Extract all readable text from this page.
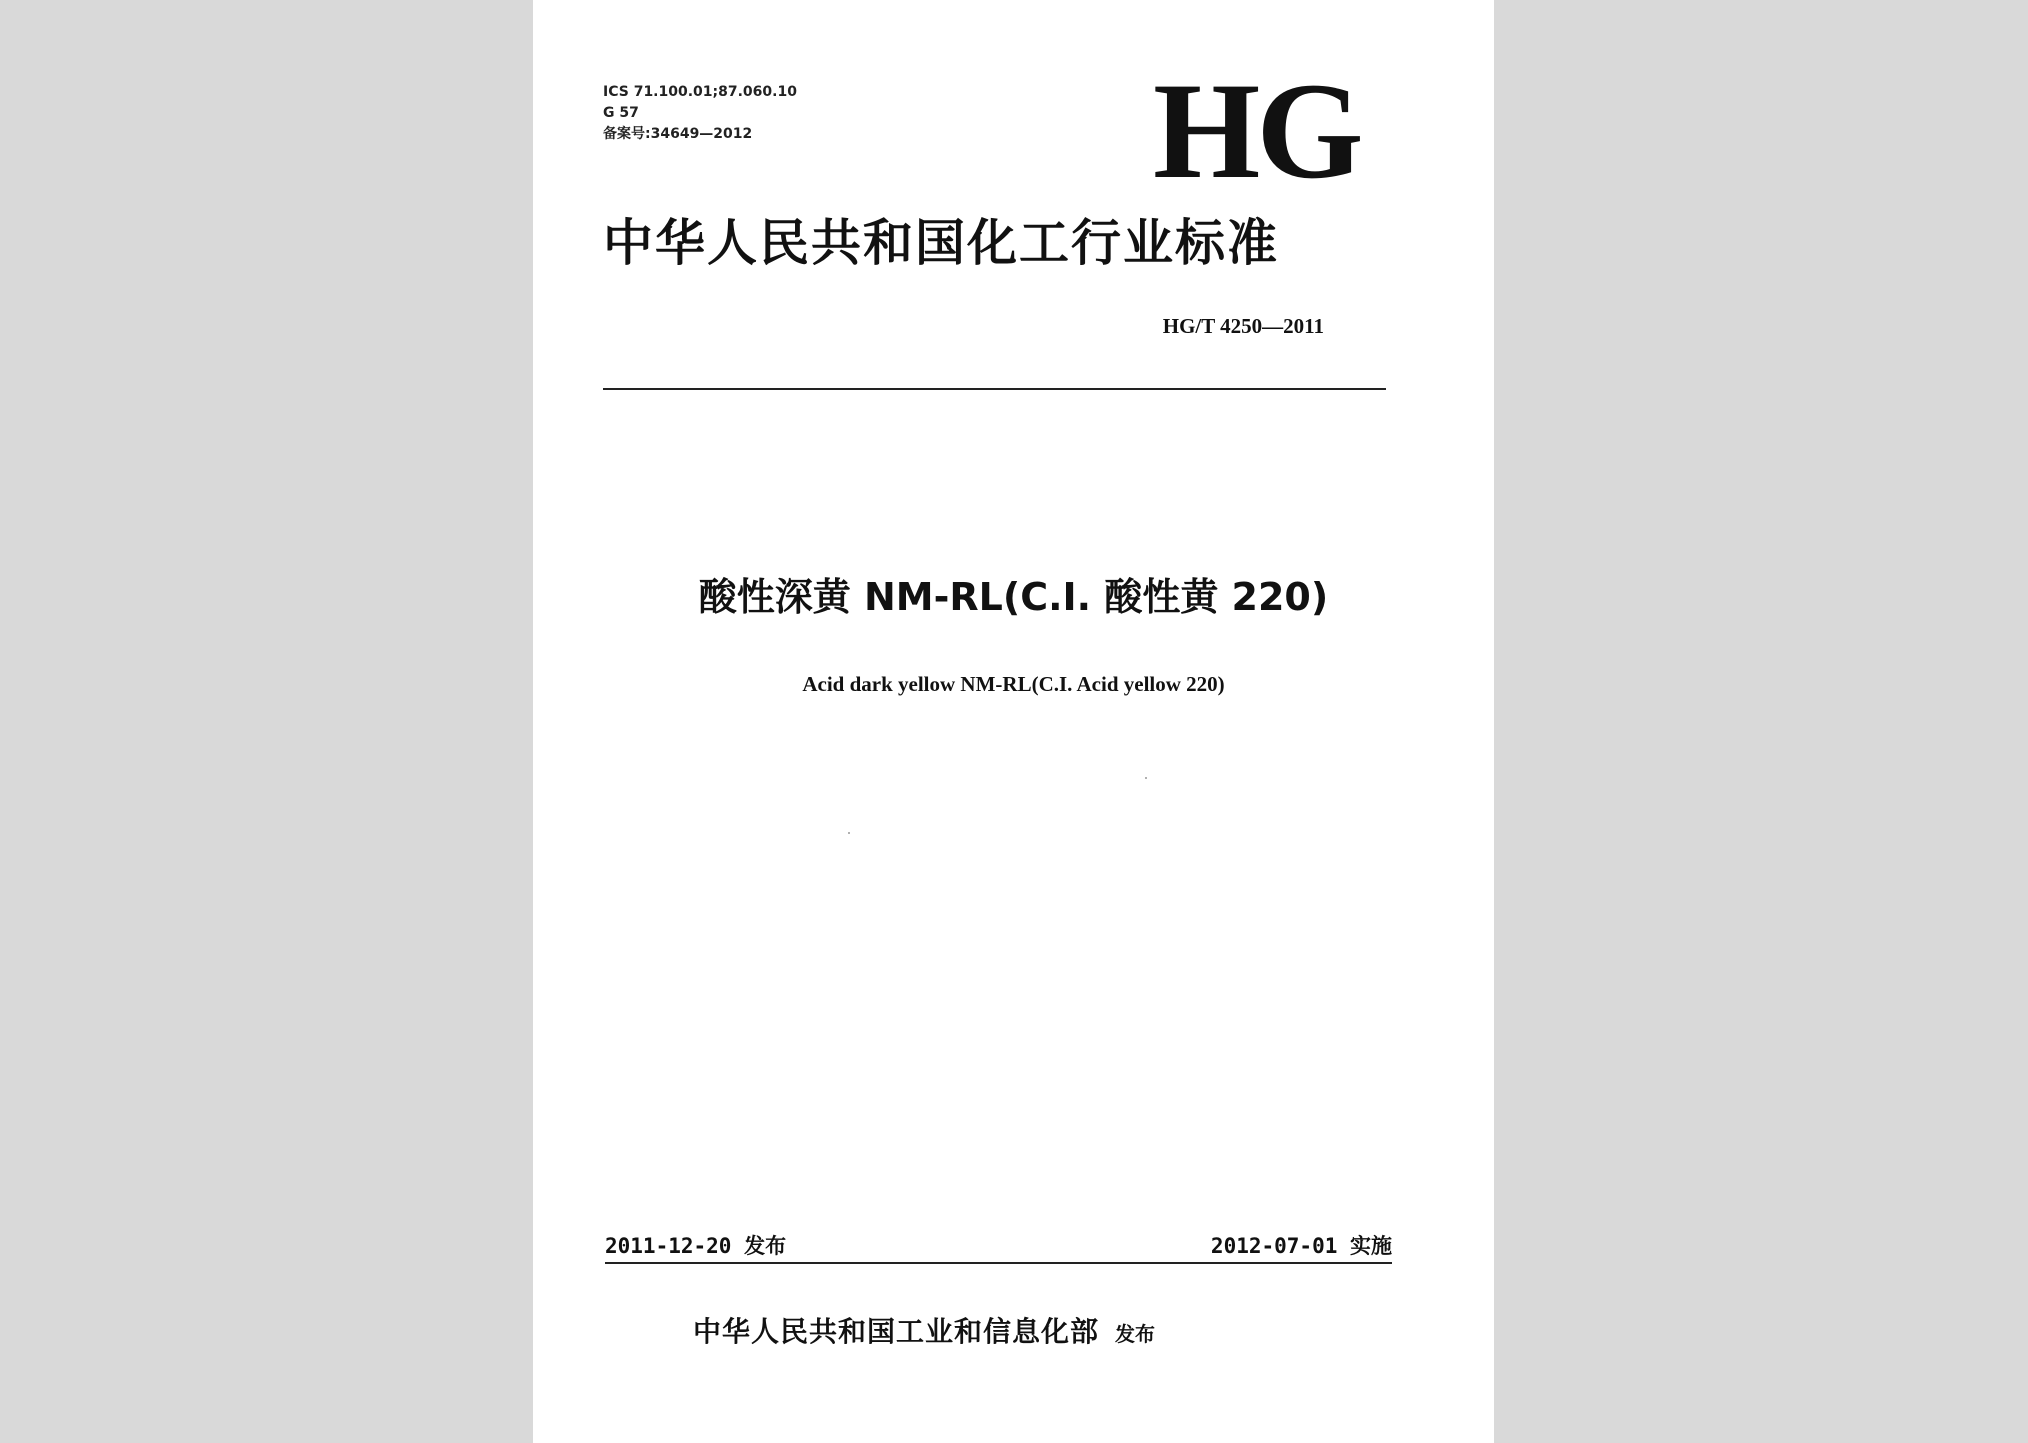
ICS 71.100.01;87.060.10
G 57
备案号:34649—2012	HG
中华人民共和国化工行业标准
HG/T 4250—2011
酸性深黄 NM-RL(C.I. 酸性黄 220)
Acid dark yellow NM-RL(C.I. Acid yellow 220)
2011-12-20 发布	2012-07-01 实施
中华人民共和国工业和信息化部 发布
